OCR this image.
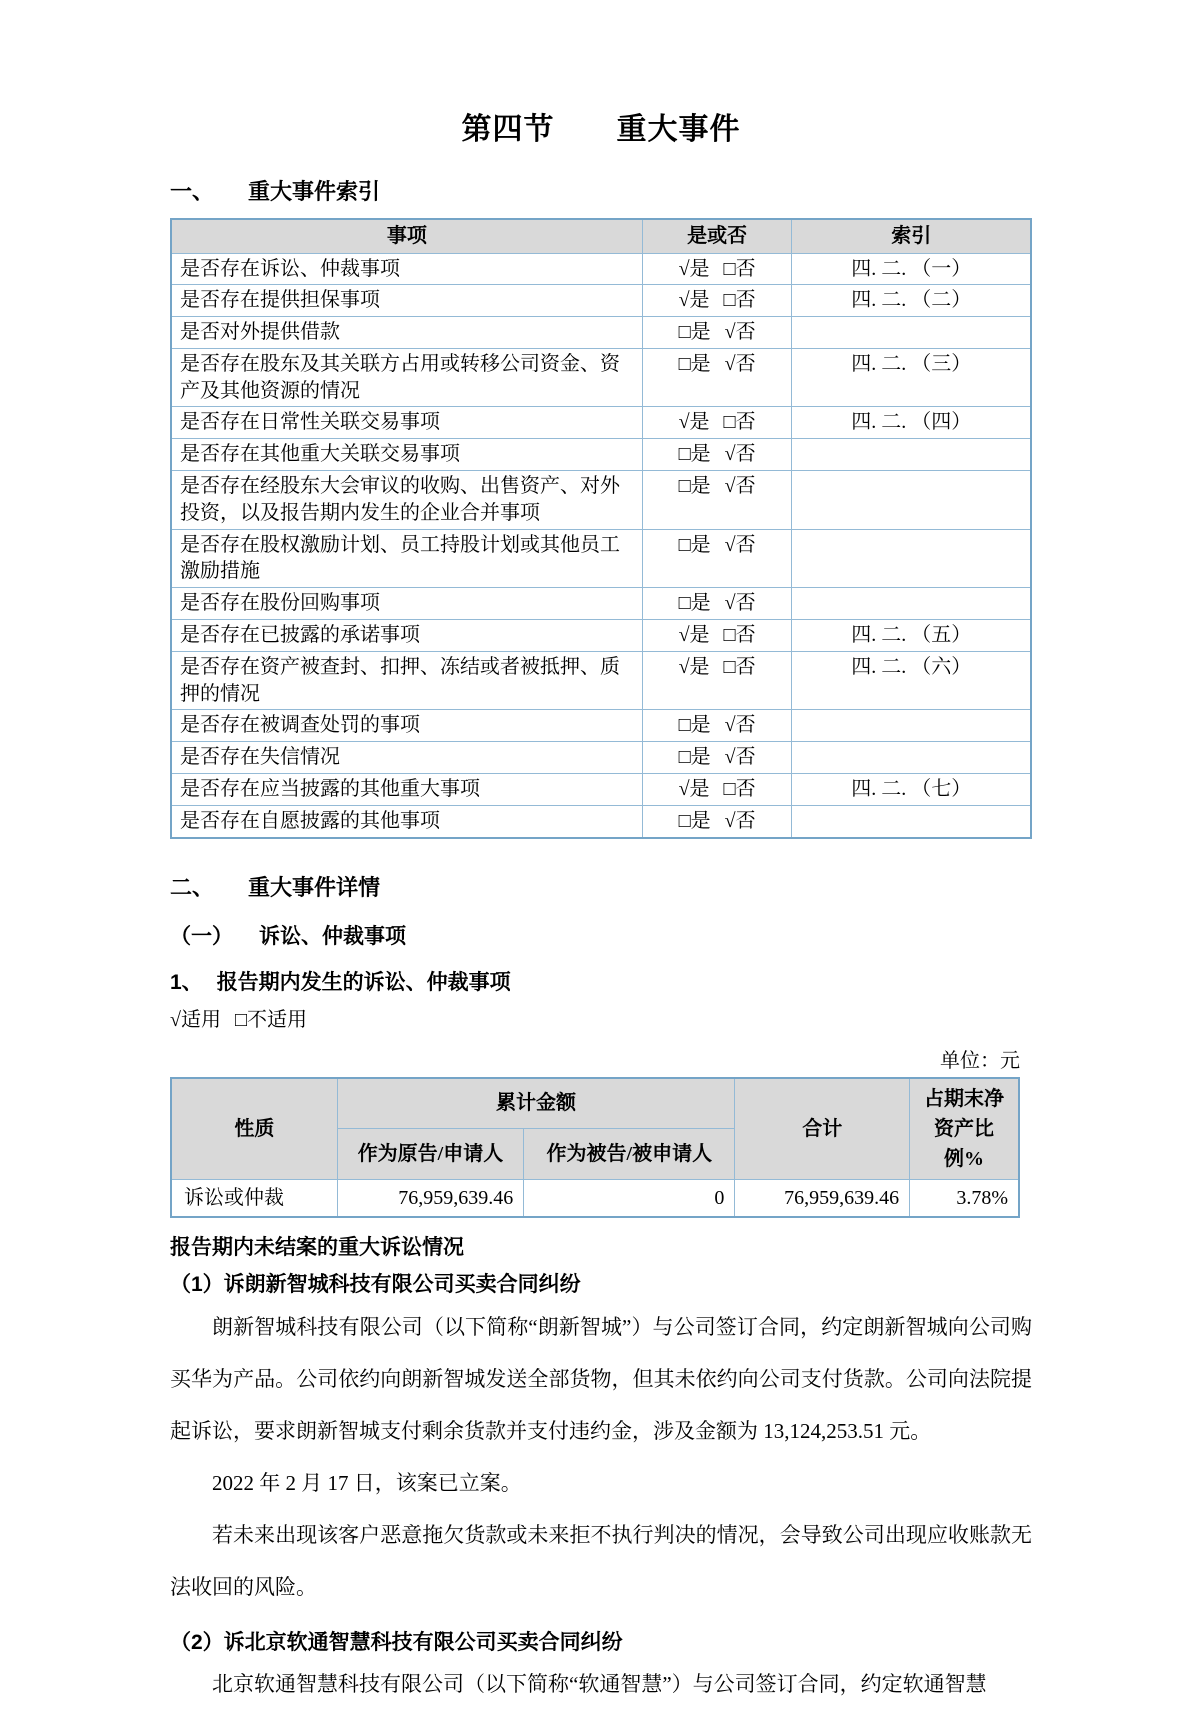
第四节　　重大事件
一、 重大事件索引
事项	是或否	索引
是否存在诉讼、仲裁事项	√是 □否	四. 二. （一）
是否存在提供担保事项	√是 □否	四. 二. （二）
是否对外提供借款	□是 √否	
是否存在股东及其关联方占用或转移公司资金、资产及其他资源的情况	□是 √否	四. 二. （三）
是否存在日常性关联交易事项	√是 □否	四. 二. （四）
是否存在其他重大关联交易事项	□是 √否	
是否存在经股东大会审议的收购、出售资产、对外投资，以及报告期内发生的企业合并事项	□是 √否	
是否存在股权激励计划、员工持股计划或其他员工激励措施	□是 √否	
是否存在股份回购事项	□是 √否	
是否存在已披露的承诺事项	√是 □否	四. 二. （五）
是否存在资产被查封、扣押、冻结或者被抵押、质押的情况	√是 □否	四. 二. （六）
是否存在被调查处罚的事项	□是 √否	
是否存在失信情况	□是 √否	
是否存在应当披露的其他重大事项	√是 □否	四. 二. （七）
是否存在自愿披露的其他事项	□是 √否	
二、 重大事件详情
（一） 诉讼、仲裁事项
1、 报告期内发生的诉讼、仲裁事项
√适用 □不适用
单位：元
性质	累计金额		合计	占期末净资产比例%
	作为原告/申请人	作为被告/被申请人		
诉讼或仲裁	76,959,639.46	0	76,959,639.46	3.78%
报告期内未结案的重大诉讼情况
（1）诉朗新智城科技有限公司买卖合同纠纷

朗新智城科技有限公司（以下简称“朗新智城”）与公司签订合同，约定朗新智城向公司购买华为产品。公司依约向朗新智城发送全部货物，但其未依约向公司支付货款。公司向法院提起诉讼，要求朗新智城支付剩余货款并支付违约金，涉及金额为 13,124,253.51 元。

2022 年 2 月 17 日，该案已立案。

若未来出现该客户恶意拖欠货款或未来拒不执行判决的情况，会导致公司出现应收账款无法收回的风险。

（2）诉北京软通智慧科技有限公司买卖合同纠纷

北京软通智慧科技有限公司（以下简称“软通智慧”）与公司签订合同，约定软通智慧
